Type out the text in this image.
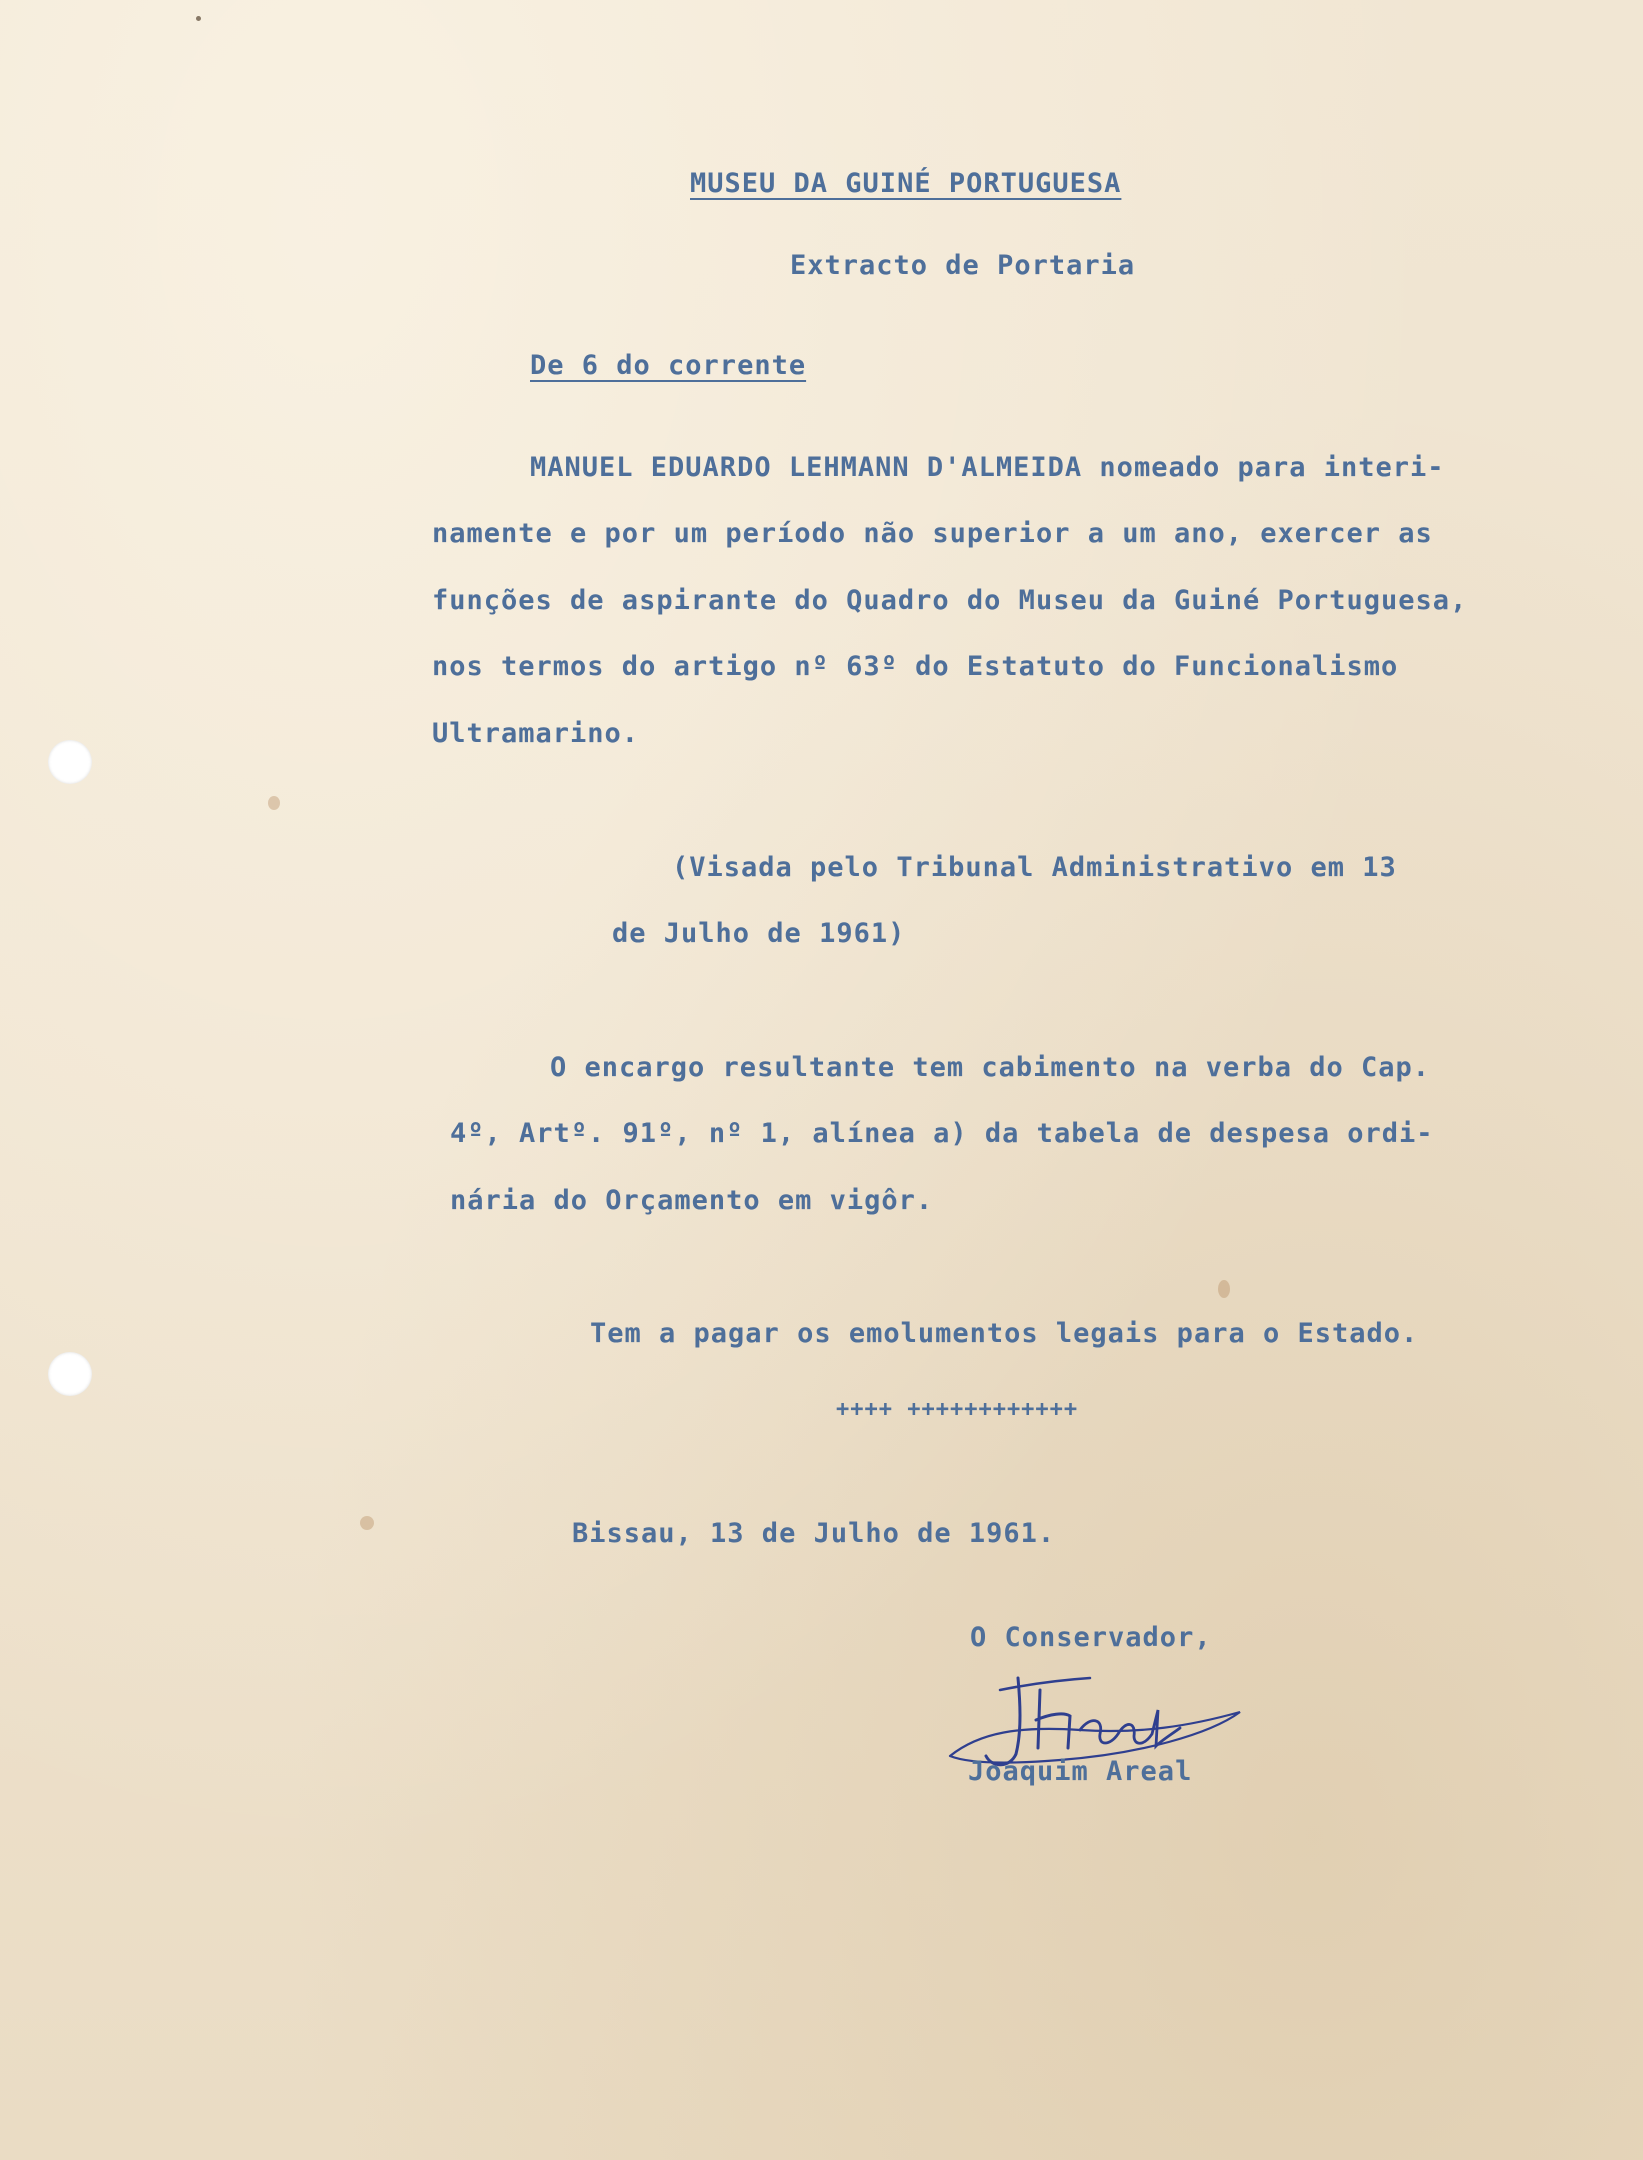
MUSEU DA GUINÉ PORTUGUESA
Extracto de Portaria
De 6 do corrente
MANUEL EDUARDO LEHMANN D'ALMEIDA nomeado para interi-
namente e por um período não superior a um ano, exercer as
funções de aspirante do Quadro do Museu da Guiné Portuguesa,
nos termos do artigo nº 63º do Estatuto do Funcionalismo
Ultramarino.
(Visada pelo Tribunal Administrativo em 13
de Julho de 1961)
O encargo resultante tem cabimento na verba do Cap.
4º, Artº. 91º, nº 1, alínea a) da tabela de despesa ordi-
nária do Orçamento em vigôr.
Tem a pagar os emolumentos legais para o Estado.
++++ ++++++++++++
Bissau, 13 de Julho de 1961.
O Conservador,
Joaquim Areal
